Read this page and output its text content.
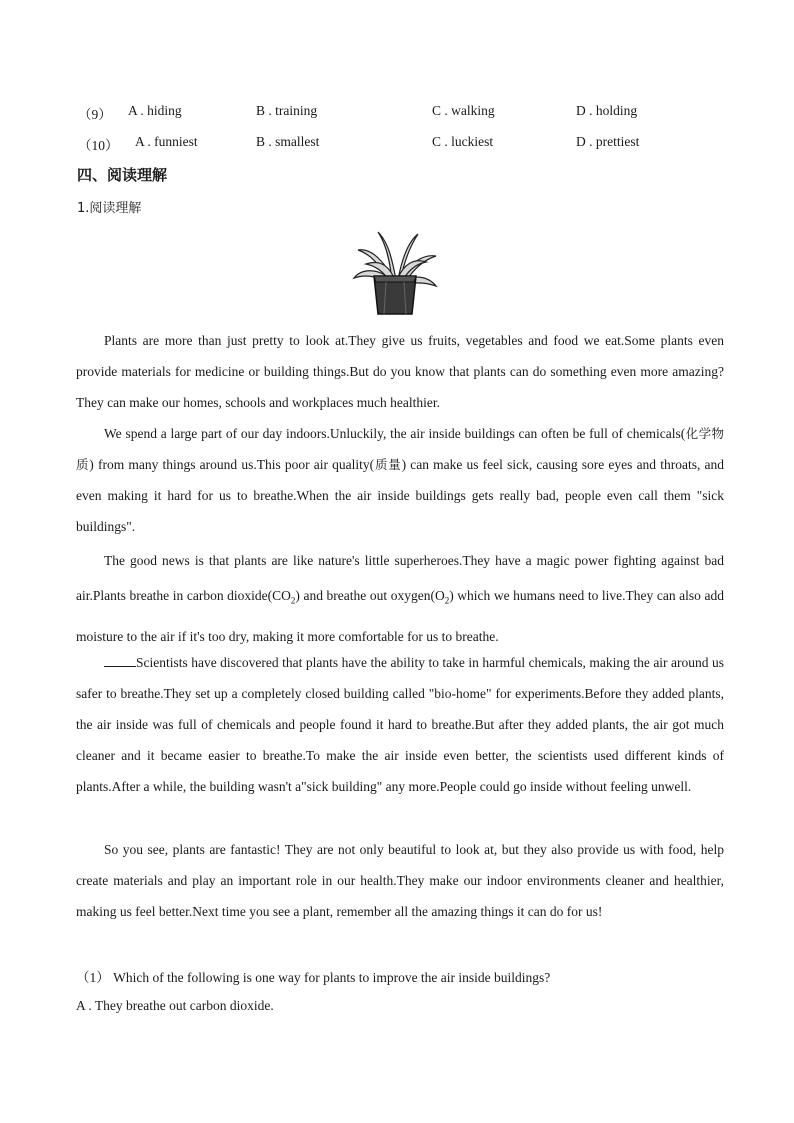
（9） A . hiding	B . training	C . walking	D . holding
（10） A . funniest	B . smallest	C . luckiest	D . prettiest
四、阅读理解
1.阅读理解

Plants are more than just pretty to look at.They give us fruits, vegetables and food we eat.Some plants even provide materials for medicine or building things.But do you know that plants can do something even more amazing? They can make our homes, schools and workplaces much healthier.

We spend a large part of our day indoors.Unluckily, the air inside buildings can often be full of chemicals(化学物质) from many things around us.This poor air quality(质量) can make us feel sick, causing sore eyes and throats, and even making it hard for us to breathe.When the air inside buildings gets really bad, people even call them "sick buildings".

The good news is that plants are like nature's little superheroes.They have a magic power fighting against bad air.Plants breathe in carbon $dioxide(CO_2)$ and breathe out $oxygen(O_2)$ which we humans need to live.They can also add moisture to the air if it's too dry, making it more comfortable for us to breathe.

Scientists have discovered that plants have the ability to take in harmful chemicals, making the air around us safer to breathe.They set up a completely closed building called "bio-home" for experiments.Before they added plants, the air inside was full of chemicals and people found it hard to breathe.But after they added plants, the air got much cleaner and it became easier to breathe.To make the air inside even better, the scientists used different kinds of plants.After a while, the building wasn't a"sick building" any more.People could go inside without feeling unwell.

So you see, plants are fantastic! They are not only beautiful to look at, but they also provide us with food, help create materials and play an important role in our health.They make our indoor environments cleaner and healthier, making us feel better.Next time you see a plant, remember all the amazing things it can do for us!

（1） Which of the following is one way for plants to improve the air inside buildings?
A . They breathe out carbon dioxide.
